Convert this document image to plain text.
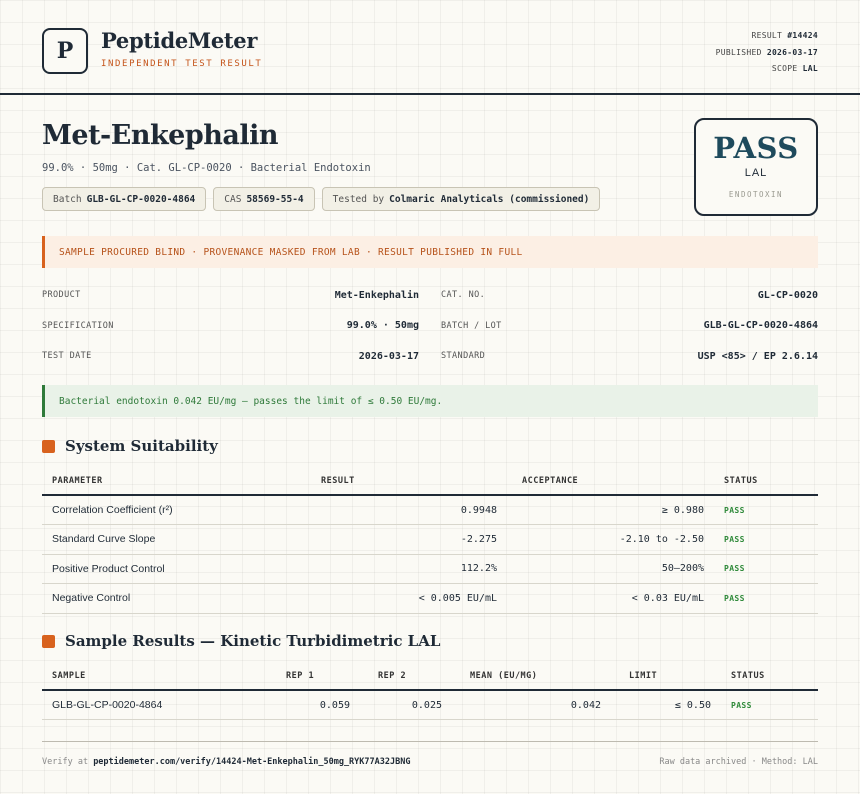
P	PeptideMeter
INDEPENDENT TEST RESULT
RESULT #14424
PUBLISHED 2026-03-17
SCOPE LAL
Met-Enkephalin
99.0% · 50mg · Cat. GL-CP-0020 · Bacterial Endotoxin
Batch GLB-GL-CP-0020-4864	CAS 58569-55-4	Tested by Colmaric Analyticals (commissioned)
PASS
LAL
ENDOTOXIN
SAMPLE PROCURED BLIND · PROVENANCE MASKED FROM LAB · RESULT PUBLISHED IN FULL
PRODUCT	Met-Enkephalin	CAT. NO.	GL-CP-0020
SPECIFICATION	99.0% · 50mg	BATCH / LOT	GLB-GL-CP-0020-4864
TEST DATE	2026-03-17	STANDARD	USP <85> / EP 2.6.14
Bacterial endotoxin 0.042 EU/mg — passes the limit of ≤ 0.50 EU/mg.
System Suitability
PARAMETER	RESULT	ACCEPTANCE	STATUS
Correlation Coefficient (r²)	0.9948	≥ 0.980	PASS
Standard Curve Slope	-2.275	-2.10 to -2.50	PASS
Positive Product Control	112.2%	50–200%	PASS
Negative Control	< 0.005 EU/mL	< 0.03 EU/mL	PASS
Sample Results — Kinetic Turbidimetric LAL
SAMPLE	REP 1	REP 2	MEAN (EU/MG)	LIMIT	STATUS
GLB-GL-CP-0020-4864	0.059	0.025	0.042	≤ 0.50	PASS
Verify at peptidemeter.com/verify/14424-Met-Enkephalin_50mg_RYK77A32JBNG	Raw data archived · Method: LAL
